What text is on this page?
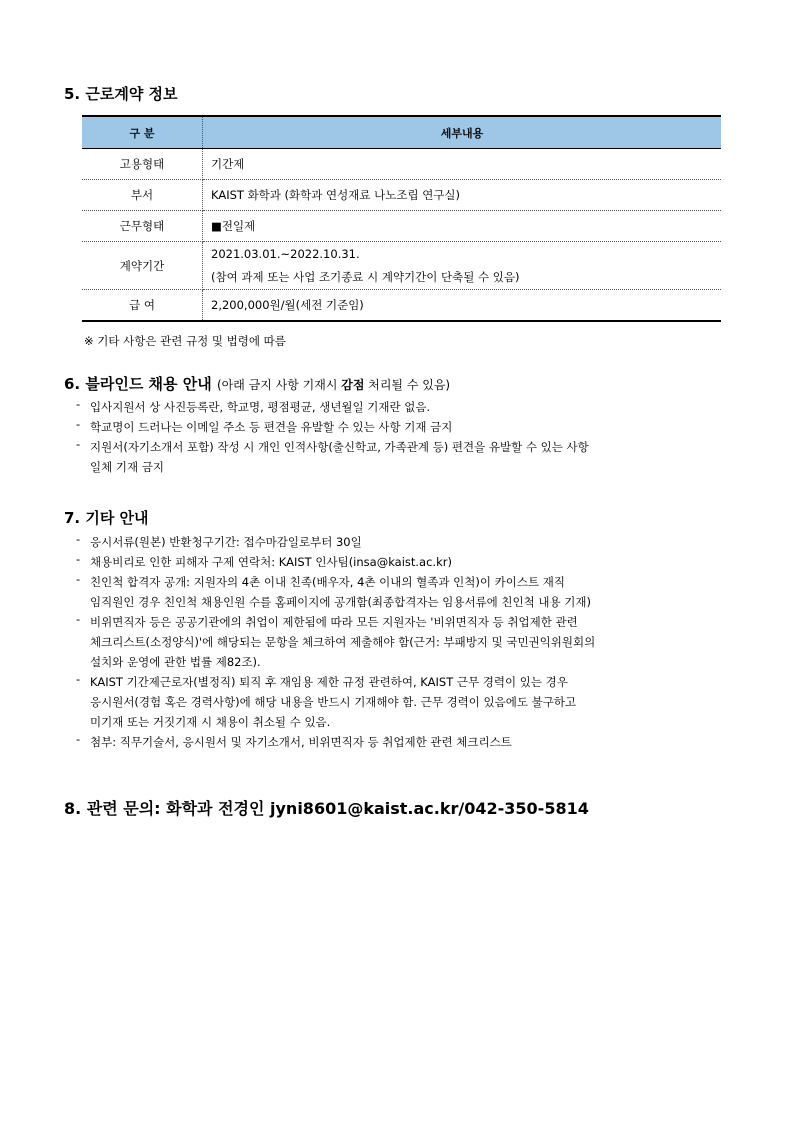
5. 근로계약 정보
구 분	세부내용
고용형태	기간제
부서	KAIST 화학과 (화학과 연성재료 나노조립 연구실)
근무형태	■전일제
계약기간	2021.03.01.~2022.10.31.
(참여 과제 또는 사업 조기종료 시 계약기간이 단축될 수 있음)

급 여	2,200,000원/월(세전 기준임)
※ 기타 사항은 관련 규정 및 법령에 따름
6. 블라인드 채용 안내 (아래 금지 사항 기재시 감점 처리될 수 있음)
- 입사지원서 상 사진등록란, 학교명, 평점평균, 생년월일 기재란 없음.
- 학교명이 드러나는 이메일 주소 등 편견을 유발할 수 있는 사항 기재 금지
- 지원서(자기소개서 포함) 작성 시 개인 인적사항(출신학교, 가족관계 등) 편견을 유발할 수 있는 사항
일체 기재 금지
7. 기타 안내
- 응시서류(원본) 반환청구기간: 접수마감일로부터 30일
- 채용비리로 인한 피해자 구제 연락처: KAIST 인사팀(insa@kaist.ac.kr)
- 친인척 합격자 공개: 지원자의 4촌 이내 친족(배우자, 4촌 이내의 혈족과 인척)이 카이스트 재직
임직원인 경우 친인척 채용인원 수를 홈페이지에 공개함(최종합격자는 임용서류에 친인척 내용 기재)
- 비위면직자 등은 공공기관에의 취업이 제한됨에 따라 모든 지원자는 '비위면직자 등 취업제한 관련
체크리스트(소정양식)'에 해당되는 문항을 체크하여 제출해야 함(근거: 부패방지 및 국민권익위원회의
설치와 운영에 관한 법률 제82조).
- KAIST 기간제근로자(별정직) 퇴직 후 재임용 제한 규정 관련하여, KAIST 근무 경력이 있는 경우
응시원서(경험 혹은 경력사항)에 해당 내용을 반드시 기재해야 함. 근무 경력이 있음에도 불구하고
미기재 또는 거짓기재 시 채용이 취소될 수 있음.
- 첨부: 직무기술서, 응시원서 및 자기소개서, 비위면직자 등 취업제한 관련 체크리스트
8. 관련 문의: 화학과 전경인 jyni8601@kaist.ac.kr/042-350-5814
